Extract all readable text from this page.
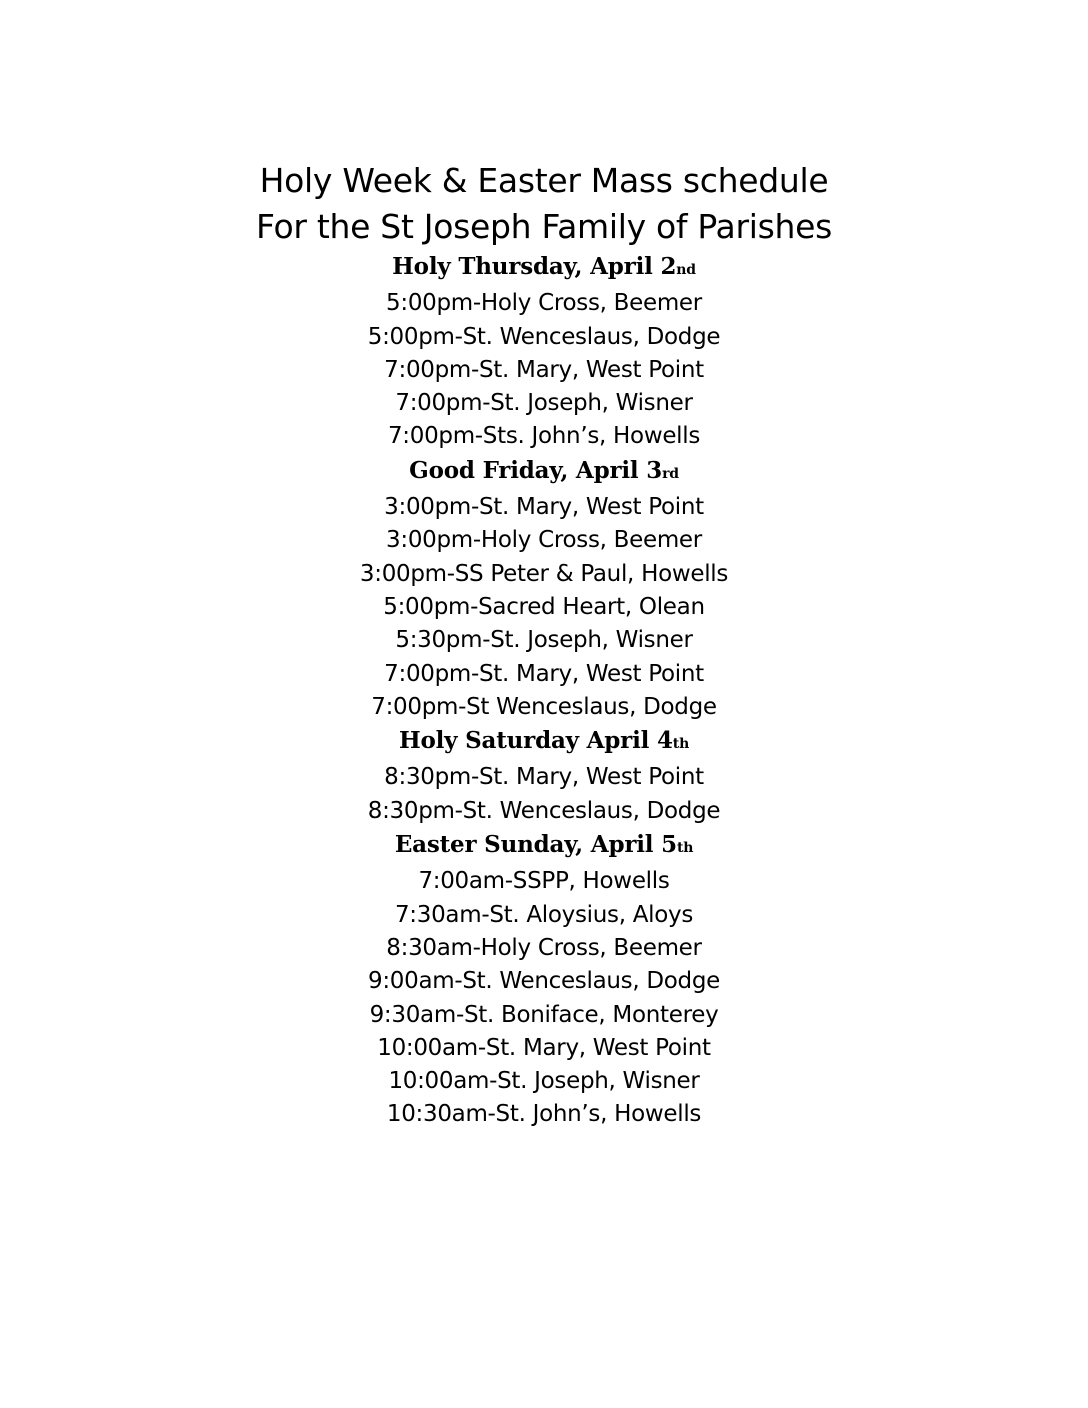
Holy Week & Easter Mass schedule
For the St Joseph Family of Parishes
Holy Thursday, April 2nd
5:00pm-Holy Cross, Beemer
5:00pm-St. Wenceslaus, Dodge
7:00pm-St. Mary, West Point
7:00pm-St. Joseph, Wisner
7:00pm-Sts. John’s, Howells
Good Friday, April 3rd
3:00pm-St. Mary, West Point
3:00pm-Holy Cross, Beemer
3:00pm-SS Peter & Paul, Howells
5:00pm-Sacred Heart, Olean
5:30pm-St. Joseph, Wisner
7:00pm-St. Mary, West Point
7:00pm-St Wenceslaus, Dodge
Holy Saturday April 4th
8:30pm-St. Mary, West Point
8:30pm-St. Wenceslaus, Dodge
Easter Sunday, April 5th
7:00am-SSPP, Howells
7:30am-St. Aloysius, Aloys
8:30am-Holy Cross, Beemer
9:00am-St. Wenceslaus, Dodge
9:30am-St. Boniface, Monterey
10:00am-St. Mary, West Point
10:00am-St. Joseph, Wisner
10:30am-St. John’s, Howells
